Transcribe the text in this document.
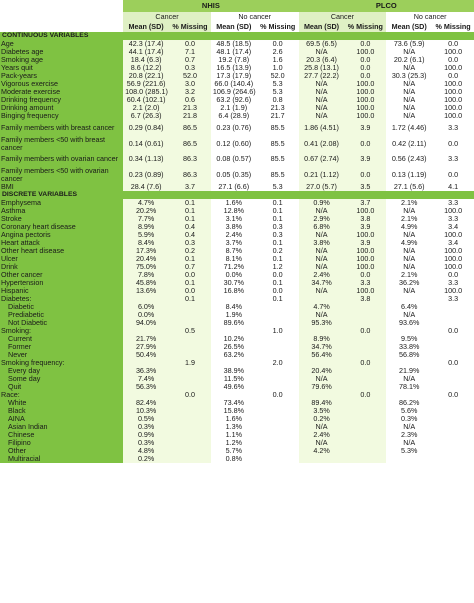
	NHIS				PLCO			
	Cancer		No cancer		Cancer		No cancer	
	Mean (SD)	% Missing	Mean (SD)	% Missing	Mean (SD)	% Missing	Mean (SD)	% Missing
CONTINUOUS VARIABLES								
Age	42.3 (17.4)	0.0	48.5 (18.5)	0.0	69.5 (6.5)	0.0	73.6 (5.9)	0.0
Diabetes age	44.1 (17.4)	7.1	48.1 (17.4)	2.6	N/A	100.0	N/A	100.0
Smoking age	18.4 (6.3)	0.7	19.2 (7.8)	1.6	20.3 (6.4)	0.0	20.2 (6.1)	0.0
Years quit	8.6 (12.2)	0.3	16.5 (13.9)	1.0	25.8 (13.1)	0.0	N/A	100.0
Pack-years	20.8 (22.1)	52.0	17.3 (17.9)	52.0	27.7 (22.2)	0.0	30.3 (25.3)	0.0
Vigorous exercise	56.9 (221.6)	3.0	66.0 (140.4)	5.3	N/A	100.0	N/A	100.0
Moderate exercise	108.0 (285.1)	3.2	106.9 (264.6)	5.3	N/A	100.0	N/A	100.0
Drinking frequency	60.4 (102.1)	0.6	63.2 (92.6)	0.8	N/A	100.0	N/A	100.0
Drinking amount	2.1 (2.0)	21.3	2.1 (1.9)	21.3	N/A	100.0	N/A	100.0
Binging frequency	6.7 (26.3)	21.8	6.4 (28.9)	21.7	N/A	100.0	N/A	100.0
Family members with breast cancer	0.29 (0.84)	86.5	0.23 (0.76)	85.5	1.86 (4.51)	3.9	1.72 (4.46)	3.3
Family members <50 with breast cancer	0.14 (0.61)	86.5	0.12 (0.60)	85.5	0.41 (2.08)	0.0	0.42 (2.11)	0.0
Family members with ovarian cancer	0.34 (1.13)	86.3	0.08 (0.57)	85.5	0.67 (2.74)	3.9	0.56 (2.43)	3.3
Family members <50 with ovarian cancer	0.23 (0.89)	86.3	0.05 (0.35)	85.5	0.21 (1.12)	0.0	0.13 (1.19)	0.0
BMI	28.4 (7.6)	3.7	27.1 (6.6)	5.3	27.0 (5.7)	3.5	27.1 (5.6)	4.1
DISCRETE VARIABLES								
Emphysema	4.7%	0.1	1.6%	0.1	0.9%	3.7	2.1%	3.3
Asthma	20.2%	0.1	12.8%	0.1	N/A	100.0	N/A	100.0
Stroke	7.7%	0.1	3.1%	0.1	2.9%	3.8	2.1%	3.3
Coronary heart disease	8.9%	0.4	3.8%	0.3	6.8%	3.9	4.9%	3.4
Angina pectoris	5.9%	0.4	2.4%	0.3	N/A	100.0	N/A	100.0
Heart attack	8.4%	0.3	3.7%	0.1	3.8%	3.9	4.9%	3.4
Other heart disease	17.3%	0.2	8.7%	0.2	N/A	100.0	N/A	100.0
Ulcer	20.4%	0.1	8.1%	0.1	N/A	100.0	N/A	100.0
Drink	75.0%	0.7	71.2%	1.2	N/A	100.0	N/A	100.0
Other cancer	7.8%	0.0	0.0%	0.0	2.4%	0.0	2.1%	0.0
Hypertension	45.8%	0.1	30.7%	0.1	34.7%	3.3	36.2%	3.3
Hispanic	13.6%	0.0	16.8%	0.0	N/A	100.0	N/A	100.0
Diabetes:		0.1		0.1		3.8		3.3
Diabetic	6.0%		8.4%		4.7%		6.4%	
Prediabetic	0.0%		1.9%		N/A		N/A	
Not Diabetic	94.0%		89.6%		95.3%		93.6%	
Smoking:		0.5		1.0		0.0		0.0
Current	21.7%		10.2%		8.9%		9.5%	
Former	27.9%		26.5%		34.7%		33.8%	
Never	50.4%		63.2%		56.4%		56.8%	
Smoking frequency:		1.9		2.0		0.0		0.0
Every day	36.3%		38.9%		20.4%		21.9%	
Some day	7.4%		11.5%		N/A		N/A	
Quit	56.3%		49.6%		79.6%		78.1%	
Race:		0.0		0.0		0.0		0.0
White	82.4%		73.4%		89.4%		86.2%	
Black	10.3%		15.8%		3.5%		5.6%	
AINA	0.5%		1.6%		0.2%		0.3%	
Asian Indian	0.3%		1.3%		N/A		N/A	
Chinese	0.9%		1.1%		2.4%		2.3%	
Filipino	0.3%		1.2%		N/A		N/A	
Other	4.8%		5.7%		4.2%		5.3%	
Multiracial	0.2%		0.8%					
